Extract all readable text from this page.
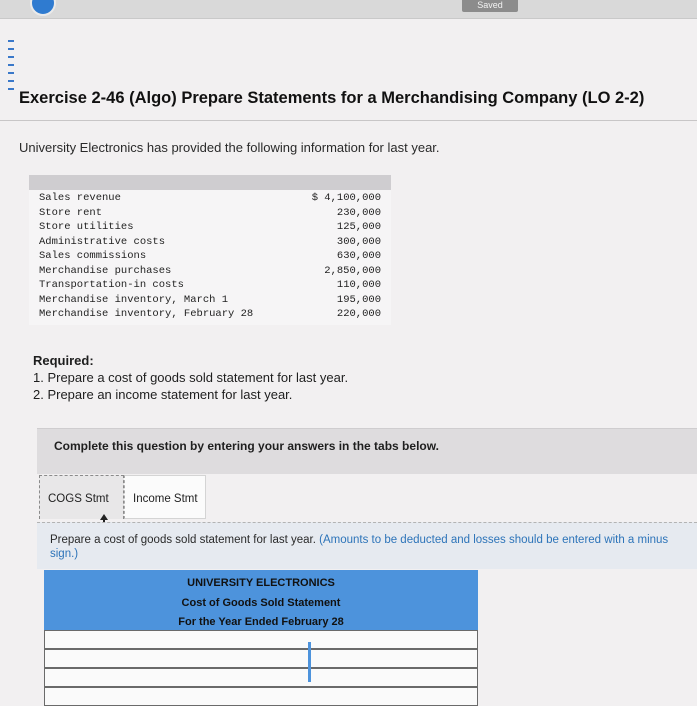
Saved
Exercise 2-46 (Algo) Prepare Statements for a Merchandising Company (LO 2-2)
University Electronics has provided the following information for last year.
Sales revenue	$ 4,100,000
Store rent	230,000
Store utilities	125,000
Administrative costs	300,000
Sales commissions	630,000
Merchandise purchases	2,850,000
Transportation-in costs	110,000
Merchandise inventory, March 1	195,000
Merchandise inventory, February 28	220,000
Required:
1. Prepare a cost of goods sold statement for last year.
2. Prepare an income statement for last year.
Complete this question by entering your answers in the tabs below.
COGS Stmt	Income Stmt
Prepare a cost of goods sold statement for last year. (Amounts to be deducted and losses should be entered with a minus sign.)
UNIVERSITY ELECTRONICS
Cost of Goods Sold Statement
For the Year Ended February 28
